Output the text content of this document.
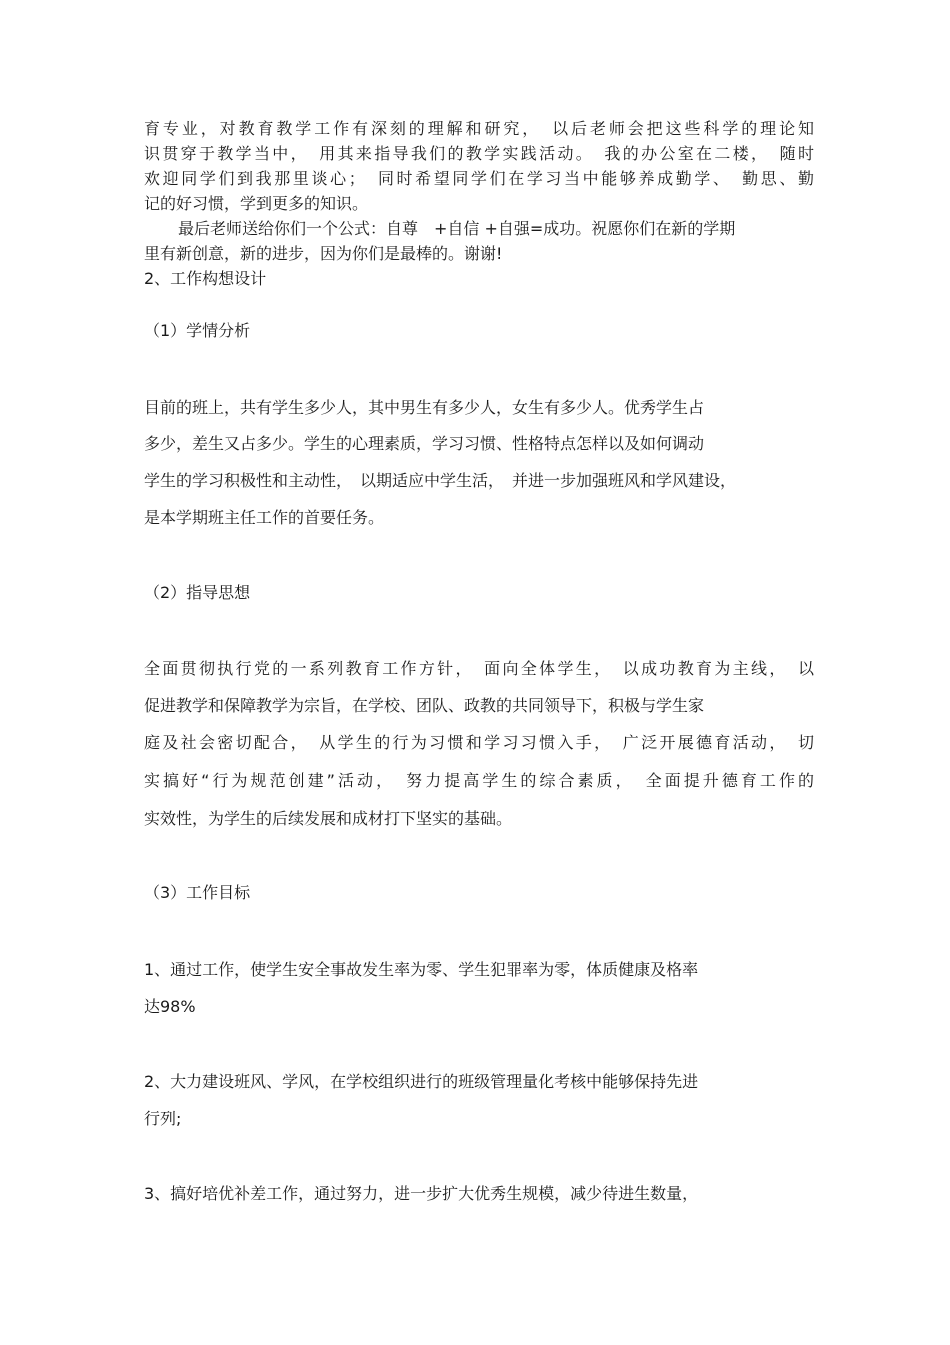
育专业，对教育教学工作有深刻的理解和研究，　以后老师会把这些科学的理论知
识贯穿于教学当中，　用其来指导我们的教学实践活动。　我的办公室在二楼，　随时
欢迎同学们到我那里谈心；　同时希望同学们在学习当中能够养成勤学、　勤思、勤
记的好习惯，学到更多的知识。
最后老师送给你们一个公式：自尊　+自信 +自强=成功。祝愿你们在新的学期
里有新创意，新的进步，因为你们是最棒的。谢谢!
2、工作构想设计
（1）学情分析
目前的班上，共有学生多少人，其中男生有多少人，女生有多少人。优秀学生占
多少，差生又占多少。学生的心理素质，学习习惯、性格特点怎样以及如何调动
学生的学习积极性和主动性，　以期适应中学生活，　并进一步加强班风和学风建设，
是本学期班主任工作的首要任务。
（2）指导思想
全面贯彻执行党的一系列教育工作方针，　面向全体学生，　以成功教育为主线，　以
促进教学和保障教学为宗旨，在学校、团队、政教的共同领导下，积极与学生家
庭及社会密切配合，　从学生的行为习惯和学习习惯入手，　广泛开展德育活动，　切
实搞好“行为规范创建”活动，　努力提高学生的综合素质，　全面提升德育工作的
实效性，为学生的后续发展和成材打下坚实的基础。
（3）工作目标
1、通过工作，使学生安全事故发生率为零、学生犯罪率为零，体质健康及格率
达98%
2、大力建设班风、学风，在学校组织进行的班级管理量化考核中能够保持先进
行列;
3、搞好培优补差工作，通过努力，进一步扩大优秀生规模，减少待进生数量，
